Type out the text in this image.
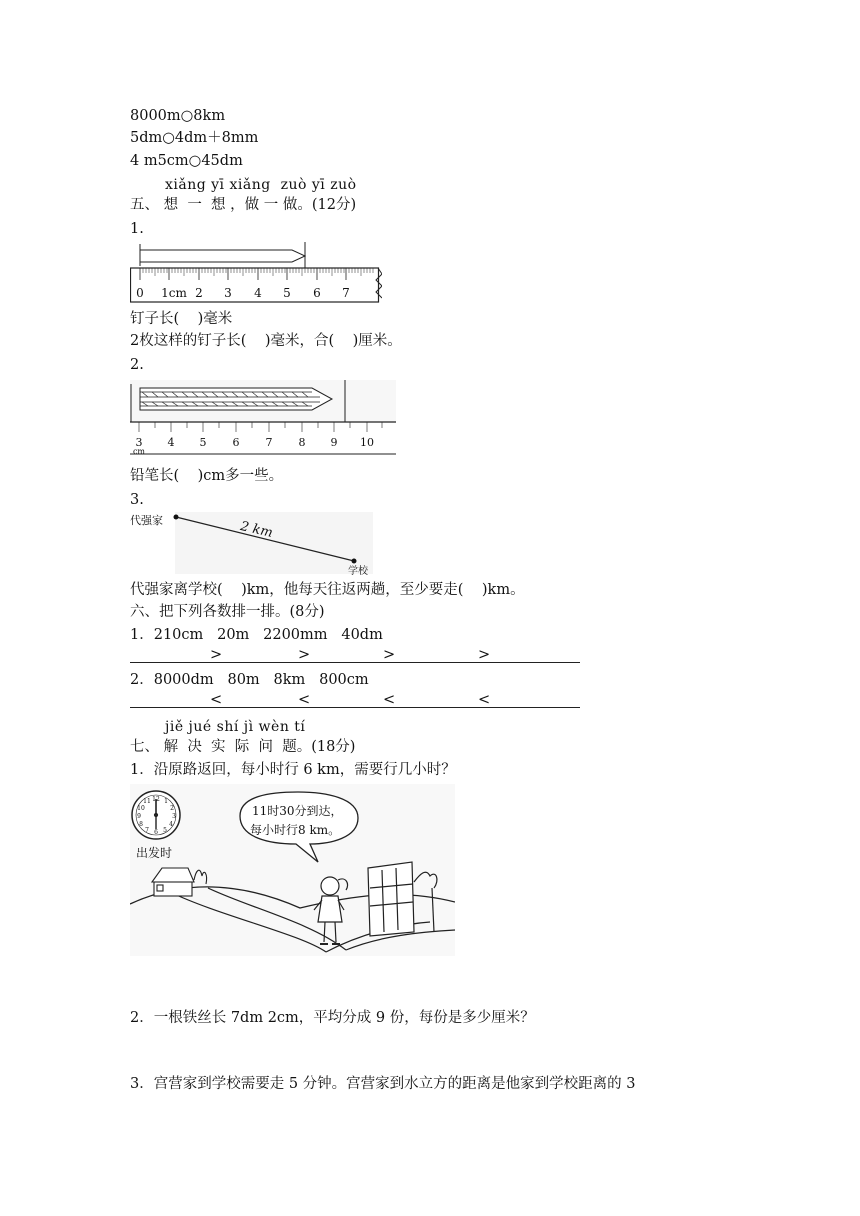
8000m○8km
5dm○4dm＋8mm
4 m5cm○45dm
xiǎng yī xiǎng  zuò yī zuò
五、 想  一  想 ，做 一 做。(12分)
1.
0 1cm 2 3 4 5 6 7
钉子长(    )毫米
2枚这样的钉子长(    )毫米，合(    )厘米。
2.
3 4 5 6 7 8 9 10
cm
铅笔长(    )cm多一些。
3.
代强家
学校
2 km
代强家离学校(    )km，他每天往返两趟，至少要走(    )km。
六、把下列各数排一排。(8分)
1．210cm   20m   2200mm   40dm
>	>	>	>
2．8000dm   80m   8km   800cm
<	<	<	<
jiě jué shí jì wèn tí
七、 解  决  实  际  问  题。(18分)
1．沿原路返回，每小时行 6 km，需要行几小时？
12 1
2
3
4
5
6
7
8
9
10
11
出发时
11时30分到达，
每小时行8 km。
2．一根铁丝长 7dm 2cm，平均分成 9 份，每份是多少厘米？
3．宫营家到学校需要走 5 分钟。宫营家到水立方的距离是他家到学校距离的 3
